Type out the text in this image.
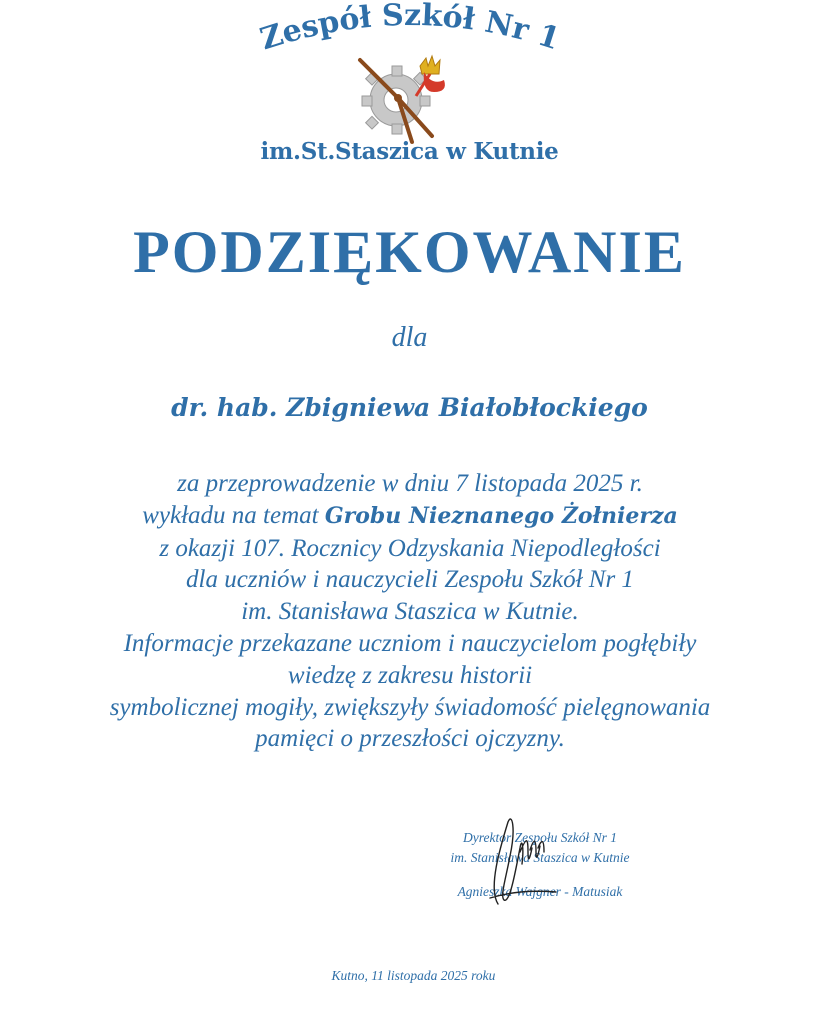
Zespół Szkół Nr 1
im.St.Staszica w Kutnie
PODZIĘKOWANIE
dla
dr. hab. Zbigniewa Białobłockiego
za przeprowadzenie w dniu 7 listopada 2025 r.
wykładu na temat Grobu Nieznanego Żołnierza
z okazji 107. Rocznicy Odzyskania Niepodległości
dla uczniów i nauczycieli Zespołu Szkół Nr 1
im. Stanisława Staszica w Kutnie.
Informacje przekazane uczniom i nauczycielom pogłębiły
wiedzę z zakresu historii
symbolicznej mogiły, zwiększyły świadomość pielęgnowania
pamięci o przeszłości ojczyzny.
Dyrektor Zespołu Szkół Nr 1
im. Stanisława Staszica w Kutnie
Agnieszka Wajgner - Matusiak
Kutno, 11 listopada 2025 roku
